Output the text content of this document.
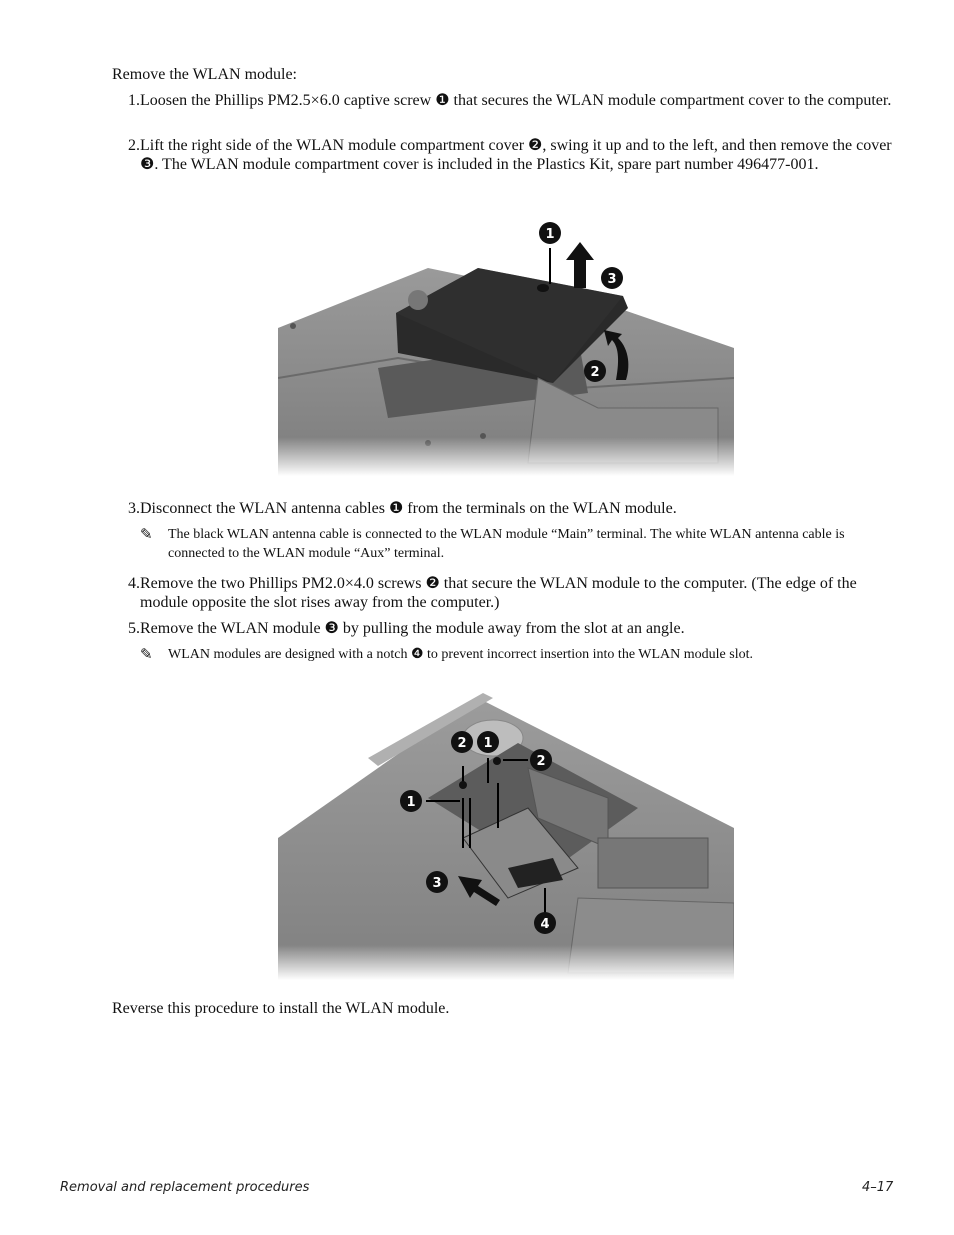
Remove the WLAN module:

1. Loosen the Phillips PM2.5×6.0 captive screw ❶ that secures the WLAN module compartment cover to the computer.
2. Lift the right side of the WLAN module compartment cover ❷, swing it up and to the left, and then remove the cover ❸. The WLAN module compartment cover is included in the Plastics Kit, spare part number 496477-001.
3. Disconnect the WLAN antenna cables ❶ from the terminals on the WLAN module.
✎	The black WLAN antenna cable is connected to the WLAN module “Main” terminal. The white WLAN antenna cable is connected to the WLAN module “Aux” terminal.
4. Remove the two Phillips PM2.0×4.0 screws ❷ that secure the WLAN module to the computer. (The edge of the module opposite the slot rises away from the computer.)
5. Remove the WLAN module ❸ by pulling the module away from the slot at an angle.
✎	WLAN modules are designed with a notch ❹ to prevent incorrect insertion into the WLAN module slot.

Reverse this procedure to install the WLAN module.

Removal and replacement procedures	4–17
